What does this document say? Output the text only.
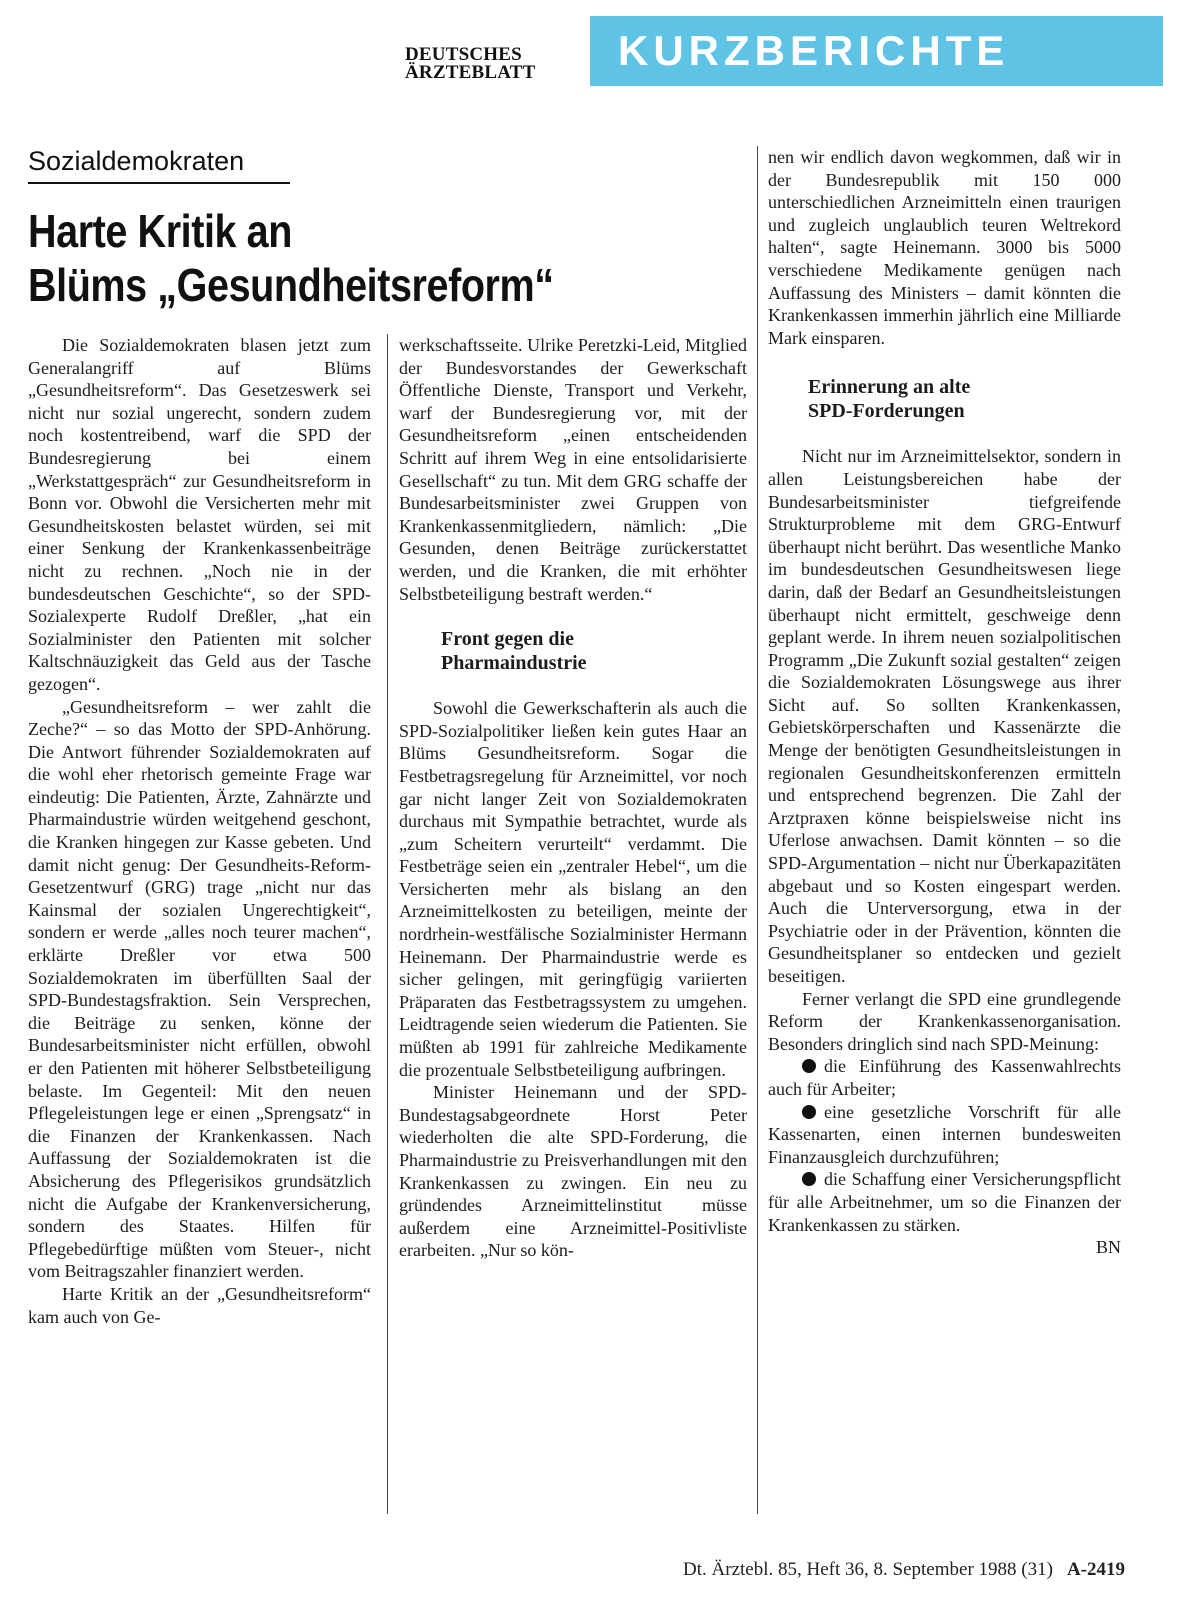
DEUTSCHES
ÄRZTEBLATT	KURZBERICHTE
Sozialdemokraten
Harte Kritik an
Blüms „Gesundheitsreform“

Die Sozialdemokraten blasen jetzt zum Generalangriff auf Blüms „Gesundheitsreform“. Das Gesetzeswerk sei nicht nur sozial ungerecht, sondern zudem noch kostentreibend, warf die SPD der Bundesregierung bei einem „Werkstattgespräch“ zur Gesundheitsreform in Bonn vor. Obwohl die Versicherten mehr mit Gesundheitskosten belastet würden, sei mit einer Senkung der Krankenkassenbeiträge nicht zu rechnen. „Noch nie in der bundesdeutschen Geschichte“, so der SPD-Sozialexperte Rudolf Dreßler, „hat ein Sozialminister den Patienten mit solcher Kaltschnäuzigkeit das Geld aus der Tasche gezogen“.

„Gesundheitsreform – wer zahlt die Zeche?“ – so das Motto der SPD-Anhörung. Die Antwort führender Sozialdemokraten auf die wohl eher rhetorisch gemeinte Frage war eindeutig: Die Patienten, Ärzte, Zahnärzte und Pharmaindustrie würden weitgehend geschont, die Kranken hingegen zur Kasse gebeten. Und damit nicht genug: Der Gesundheits-Reform-Gesetzentwurf (GRG) trage „nicht nur das Kainsmal der sozialen Ungerechtigkeit“, sondern er werde „alles noch teurer machen“, erklärte Dreßler vor etwa 500 Sozialdemokraten im überfüllten Saal der SPD-Bundestagsfraktion. Sein Versprechen, die Beiträge zu senken, könne der Bundesarbeitsminister nicht erfüllen, obwohl er den Patienten mit höherer Selbstbeteiligung belaste. Im Gegenteil: Mit den neuen Pflegeleistungen lege er einen „Sprengsatz“ in die Finanzen der Krankenkassen. Nach Auffassung der Sozialdemokraten ist die Absicherung des Pflegerisikos grundsätzlich nicht die Aufgabe der Krankenversicherung, sondern des Staates. Hilfen für Pflegebedürftige müßten vom Steuer-, nicht vom Beitragszahler finanziert werden.

Harte Kritik an der „Gesundheitsreform“ kam auch von Ge-

werkschaftsseite. Ulrike Peretzki-Leid, Mitglied der Bundesvorstandes der Gewerkschaft Öffentliche Dienste, Transport und Verkehr, warf der Bundesregierung vor, mit der Gesundheitsreform „einen entscheidenden Schritt auf ihrem Weg in eine entsolidarisierte Gesellschaft“ zu tun. Mit dem GRG schaffe der Bundesarbeitsminister zwei Gruppen von Krankenkassenmitgliedern, nämlich: „Die Gesunden, denen Beiträge zurückerstattet werden, und die Kranken, die mit erhöhter Selbstbeteiligung bestraft werden.“

Front gegen die
Pharmaindustrie

Sowohl die Gewerkschafterin als auch die SPD-Sozialpolitiker ließen kein gutes Haar an Blüms Gesundheitsreform. Sogar die Festbetragsregelung für Arzneimittel, vor noch gar nicht langer Zeit von Sozialdemokraten durchaus mit Sympathie betrachtet, wurde als „zum Scheitern verurteilt“ verdammt. Die Festbeträge seien ein „zentraler Hebel“, um die Versicherten mehr als bislang an den Arzneimittelkosten zu beteiligen, meinte der nordrhein-westfälische Sozialminister Hermann Heinemann. Der Pharmaindustrie werde es sicher gelingen, mit geringfügig variierten Präparaten das Festbetragssystem zu umgehen. Leidtragende seien wiederum die Patienten. Sie müßten ab 1991 für zahlreiche Medikamente die prozentuale Selbstbeteiligung aufbringen.

Minister Heinemann und der SPD-Bundestagsabgeordnete Horst Peter wiederholten die alte SPD-Forderung, die Pharmaindustrie zu Preisverhandlungen mit den Krankenkassen zu zwingen. Ein neu zu gründendes Arzneimittelinstitut müsse außerdem eine Arzneimittel-Positivliste erarbeiten. „Nur so kön-

nen wir endlich davon wegkommen, daß wir in der Bundesrepublik mit 150 000 unterschiedlichen Arzneimitteln einen traurigen und zugleich unglaublich teuren Weltrekord halten“, sagte Heinemann. 3000 bis 5000 verschiedene Medikamente genügen nach Auffassung des Ministers – damit könnten die Krankenkassen immerhin jährlich eine Milliarde Mark einsparen.

Erinnerung an alte
SPD-Forderungen

Nicht nur im Arzneimittelsektor, sondern in allen Leistungsbereichen habe der Bundesarbeitsminister tiefgreifende Strukturprobleme mit dem GRG-Entwurf überhaupt nicht berührt. Das wesentliche Manko im bundesdeutschen Gesundheitswesen liege darin, daß der Bedarf an Gesundheitsleistungen überhaupt nicht ermittelt, geschweige denn geplant werde. In ihrem neuen sozialpolitischen Programm „Die Zukunft sozial gestalten“ zeigen die Sozialdemokraten Lösungswege aus ihrer Sicht auf. So sollten Krankenkassen, Gebietskörperschaften und Kassenärzte die Menge der benötigten Gesundheitsleistungen in regionalen Gesundheitskonferenzen ermitteln und entsprechend begrenzen. Die Zahl der Arztpraxen könne beispielsweise nicht ins Uferlose anwachsen. Damit könnten – so die SPD-Argumentation – nicht nur Überkapazitäten abgebaut und so Kosten eingespart werden. Auch die Unterversorgung, etwa in der Psychiatrie oder in der Prävention, könnten die Gesundheitsplaner so entdecken und gezielt beseitigen.

Ferner verlangt die SPD eine grundlegende Reform der Krankenkassenorganisation. Besonders dringlich sind nach SPD-Meinung:

die Einführung des Kassenwahlrechts auch für Arbeiter;

eine gesetzliche Vorschrift für alle Kassenarten, einen internen bundesweiten Finanzausgleich durchzuführen;

die Schaffung einer Versicherungspflicht für alle Arbeitnehmer, um so die Finanzen der Krankenkassen zu stärken.

BN

Dt. Ärztebl. 85, Heft 36, 8. September 1988 (31) A-2419
